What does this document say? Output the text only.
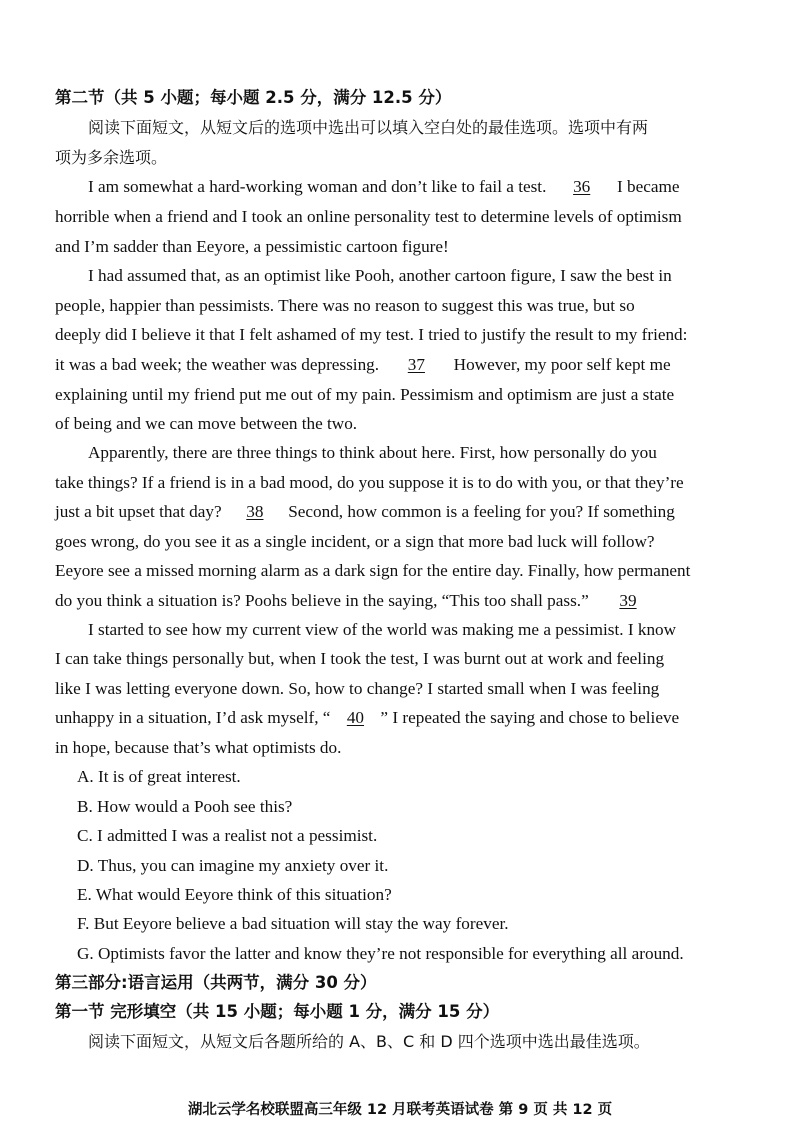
第二节（共 5 小题；每小题 2.5 分，满分 12.5 分）
阅读下面短文，从短文后的选项中选出可以填入空白处的最佳选项。选项中有两
项为多余选项。
I am somewhat a hard-working woman and don’t like to fail a test. 36 I became
horrible when a friend and I took an online personality test to determine levels of optimism
and I’m sadder than Eeyore, a pessimistic cartoon figure!
I had assumed that, as an optimist like Pooh, another cartoon figure, I saw the best in
people, happier than pessimists. There was no reason to suggest this was true, but so
deeply did I believe it that I felt ashamed of my test. I tried to justify the result to my friend:
it was a bad week; the weather was depressing. 37 However, my poor self kept me
explaining until my friend put me out of my pain. Pessimism and optimism are just a state
of being and we can move between the two.
Apparently, there are three things to think about here. First, how personally do you
take things? If a friend is in a bad mood, do you suppose it is to do with you, or that they’re
just a bit upset that day? 38 Second, how common is a feeling for you? If something
goes wrong, do you see it as a single incident, or a sign that more bad luck will follow?
Eeyore see a missed morning alarm as a dark sign for the entire day. Finally, how permanent
do you think a situation is? Poohs believe in the saying, “This too shall pass.” 39
I started to see how my current view of the world was making me a pessimist. I know
I can take things personally but, when I took the test, I was burnt out at work and feeling
like I was letting everyone down. So, how to change? I started small when I was feeling
unhappy in a situation, I’d ask myself, “ 40 ” I repeated the saying and chose to believe
in hope, because that’s what optimists do.
A. It is of great interest.
B. How would a Pooh see this?
C. I admitted I was a realist not a pessimist.
D. Thus, you can imagine my anxiety over it.
E. What would Eeyore think of this situation?
F. But Eeyore believe a bad situation will stay the way forever.
G. Optimists favor the latter and know they’re not responsible for everything all around.
第三部分:语言运用（共两节，满分 30 分）
第一节 完形填空（共 15 小题；每小题 1 分，满分 15 分）
阅读下面短文，从短文后各题所给的 A、B、C 和 D 四个选项中选出最佳选项。
湖北云学名校联盟高三年级 12 月联考英语试卷 第 9 页 共 12 页
